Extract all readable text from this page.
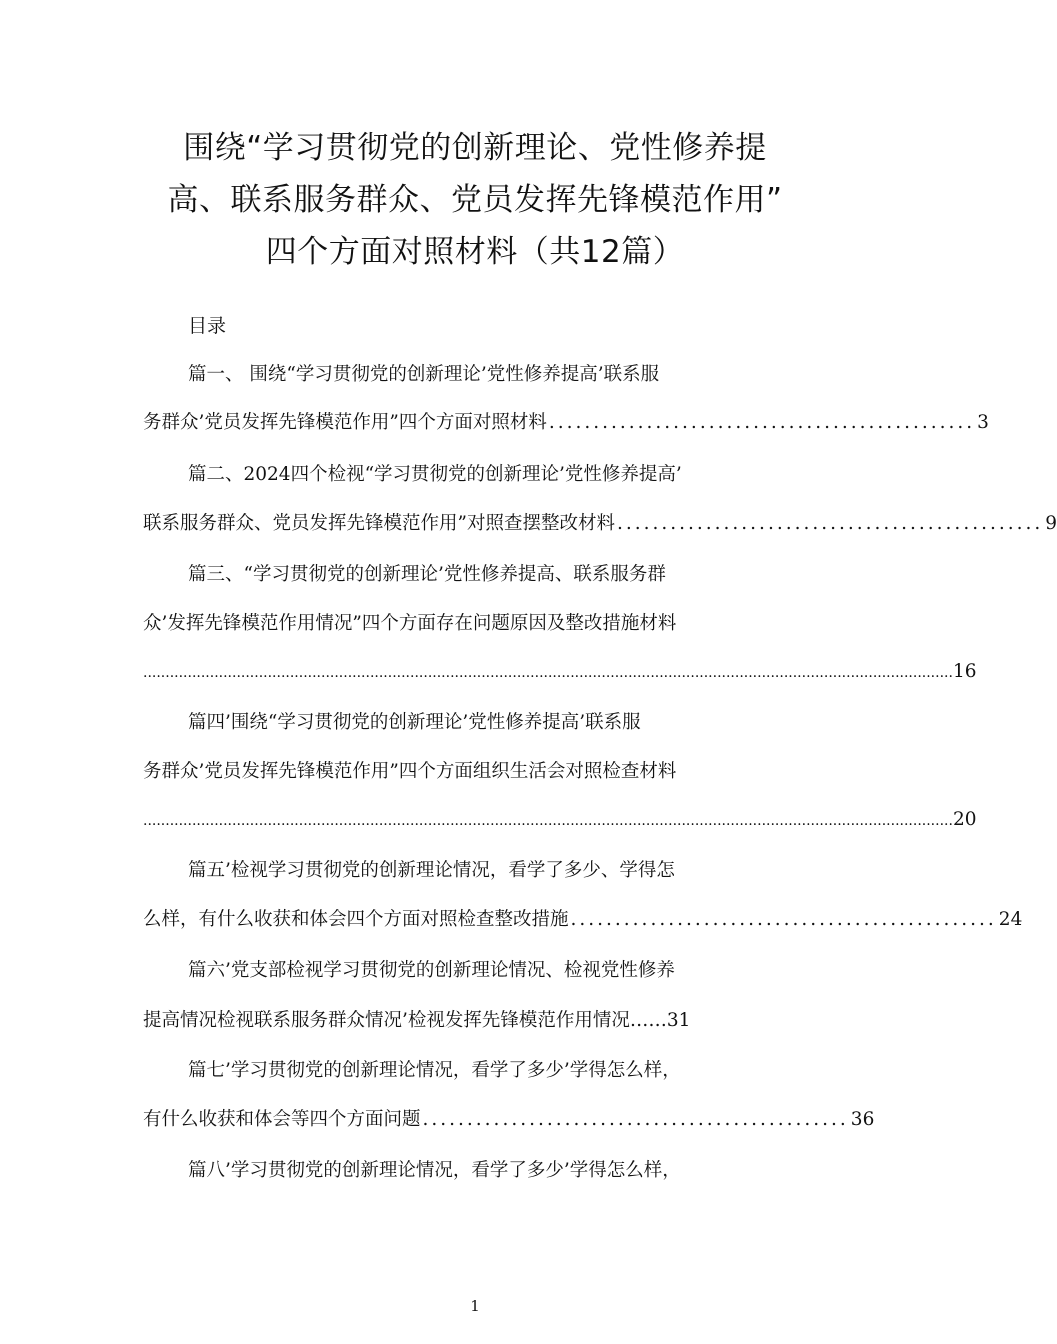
围绕“学习贯彻党的创新理论、党性修养提
高、联系服务群众、党员发挥先锋模范作用”
四个方面对照材料（共12篇）
目录
篇一、 围绕“学习贯彻党的创新理论’党性修养提高’联系服
务群众’党员发挥先锋模范作用”四个方面对照材料 ................................................ 3
篇二、2024四个检视“学习贯彻党的创新理论’党性修养提高’
联系服务群众、党员发挥先锋模范作用”对照查摆整改材料 ................................................ 9
篇三、“学习贯彻党的创新理论’党性修养提高、联系服务群
众’发挥先锋模范作用情况”四个方面存在问题原因及整改措施材料
...................................................................................................................................................................................... 16
篇四’围绕“学习贯彻党的创新理论’党性修养提高’联系服
务群众’党员发挥先锋模范作用”四个方面组织生活会对照检查材料
...................................................................................................................................................................................... 20
篇五’检视学习贯彻党的创新理论情况，看学了多少、学得怎
么样，有什么收获和体会四个方面对照检查整改措施 ................................................ 24
篇六’党支部检视学习贯彻党的创新理论情况、检视党性修养
提高情况检视联系服务群众情况’检视发挥先锋模范作用情况……31
篇七’学习贯彻党的创新理论情况，看学了多少’学得怎么样，
有什么收获和体会等四个方面问题 ................................................ 36
篇八’学习贯彻党的创新理论情况，看学了多少’学得怎么样，
1
